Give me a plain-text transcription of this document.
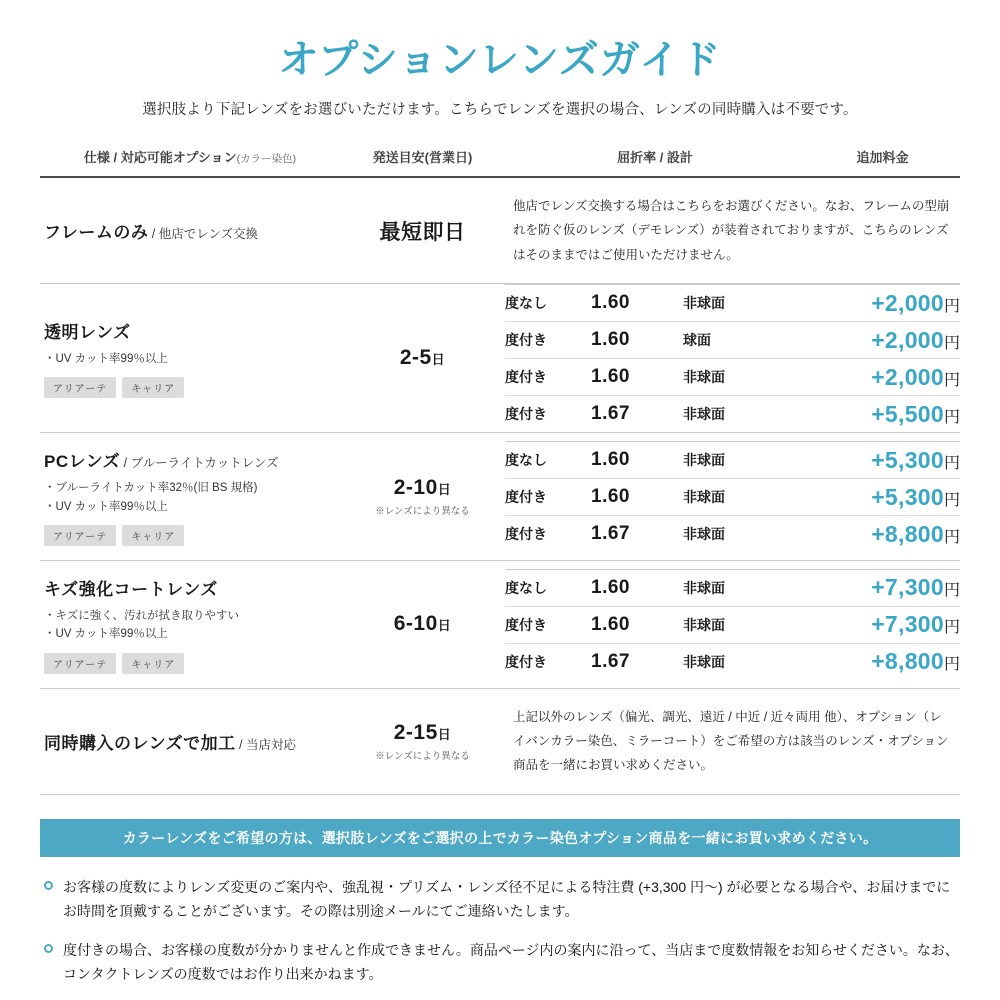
オプションレンズガイド
選択肢より下記レンズをお選びいただけます。こちらでレンズを選択の場合、レンズの同時購入は不要です。
仕様 / 対応可能オプション(カラー染色)	発送目安(営業日)	屈折率 / 設計	追加料金

フレームのみ / 他店でレンズ交換	最短即日
	他店でレンズ交換する場合はこちらをお選びください。なお、フレームの型崩れを防ぐ仮のレンズ（デモレンズ）が装着されておりますが、こちらのレンズはそのままではご使用いただけません。

透明レンズ
・UV カット率99％以上
アリアーテ	キャリア

2-5日

度なし	1.60	非球面	+2,000円

度付き	1.60	球面	+2,000円

度付き	1.60	非球面	+2,000円

度付き	1.67	非球面	+5,500円

PCレンズ / ブルーライトカットレンズ
・ブルーライトカット率32％(旧 BS 規格)
・UV カット率99％以上
アリアーテ	キャリア

2-10日
※レンズにより異なる

度なし	1.60	非球面	+5,300円

度付き	1.60	非球面	+5,300円

度付き	1.67	非球面	+8,800円

キズ強化コートレンズ
・キズに強く、汚れが拭き取りやすい
・UV カット率99％以上
アリアーテ	キャリア

6-10日

度なし	1.60	非球面	+7,300円

度付き	1.60	非球面	+7,300円

度付き	1.67	非球面	+8,800円

同時購入のレンズで加工 / 当店対応

2-15日
※レンズにより異なる
	上記以外のレンズ（偏光、調光、遠近 / 中近 / 近々両用 他）、オプション（レイバンカラー染色、ミラーコート）をご希望の方は該当のレンズ・オプション商品を一緒にお買い求めください。
カラーレンズをご希望の方は、選択肢レンズをご選択の上でカラー染色オプション商品を一緒にお買い求めください。
お客様の度数によりレンズ変更のご案内や、強乱視・プリズム・レンズ径不足による特注費 (+3,300 円〜) が必要となる場合や、お届けまでにお時間を頂戴することがございます。その際は別途メールにてご連絡いたします。
度付きの場合、お客様の度数が分かりませんと作成できません。商品ページ内の案内に沿って、当店まで度数情報をお知らせください。なお、コンタクトレンズの度数ではお作り出来かねます。
